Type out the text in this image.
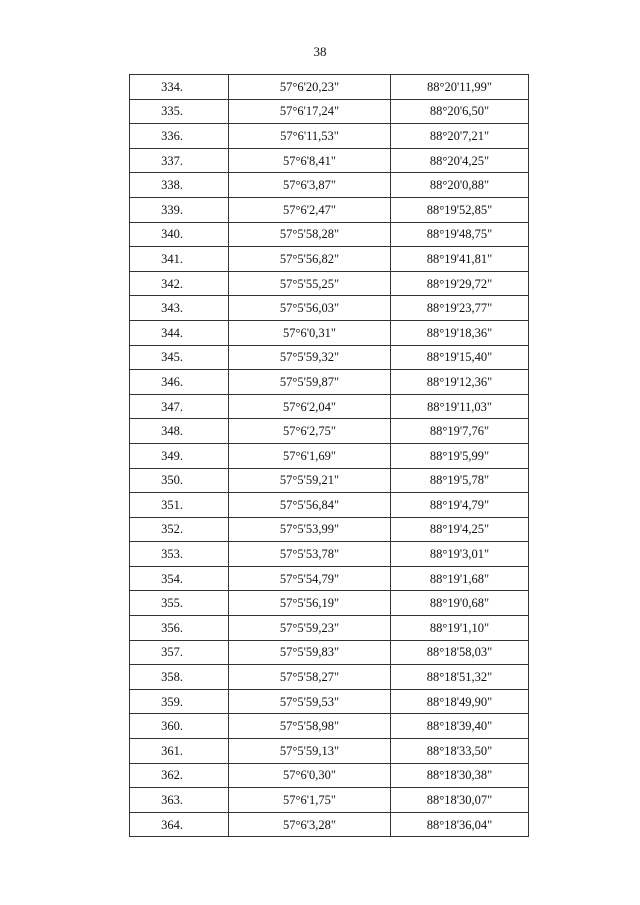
38
334.	57°6'20,23"	88°20'11,99"
335.	57°6'17,24"	88°20'6,50"
336.	57°6'11,53"	88°20'7,21"
337.	57°6'8,41"	88°20'4,25"
338.	57°6'3,87"	88°20'0,88"
339.	57°6'2,47"	88°19'52,85"
340.	57°5'58,28"	88°19'48,75"
341.	57°5'56,82"	88°19'41,81"
342.	57°5'55,25"	88°19'29,72"
343.	57°5'56,03"	88°19'23,77"
344.	57°6'0,31"	88°19'18,36"
345.	57°5'59,32"	88°19'15,40"
346.	57°5'59,87"	88°19'12,36"
347.	57°6'2,04"	88°19'11,03"
348.	57°6'2,75"	88°19'7,76"
349.	57°6'1,69"	88°19'5,99"
350.	57°5'59,21"	88°19'5,78"
351.	57°5'56,84"	88°19'4,79"
352.	57°5'53,99"	88°19'4,25"
353.	57°5'53,78"	88°19'3,01"
354.	57°5'54,79"	88°19'1,68"
355.	57°5'56,19"	88°19'0,68"
356.	57°5'59,23"	88°19'1,10"
357.	57°5'59,83"	88°18'58,03"
358.	57°5'58,27"	88°18'51,32"
359.	57°5'59,53"	88°18'49,90"
360.	57°5'58,98"	88°18'39,40"
361.	57°5'59,13"	88°18'33,50"
362.	57°6'0,30"	88°18'30,38"
363.	57°6'1,75"	88°18'30,07"
364.	57°6'3,28"	88°18'36,04"
